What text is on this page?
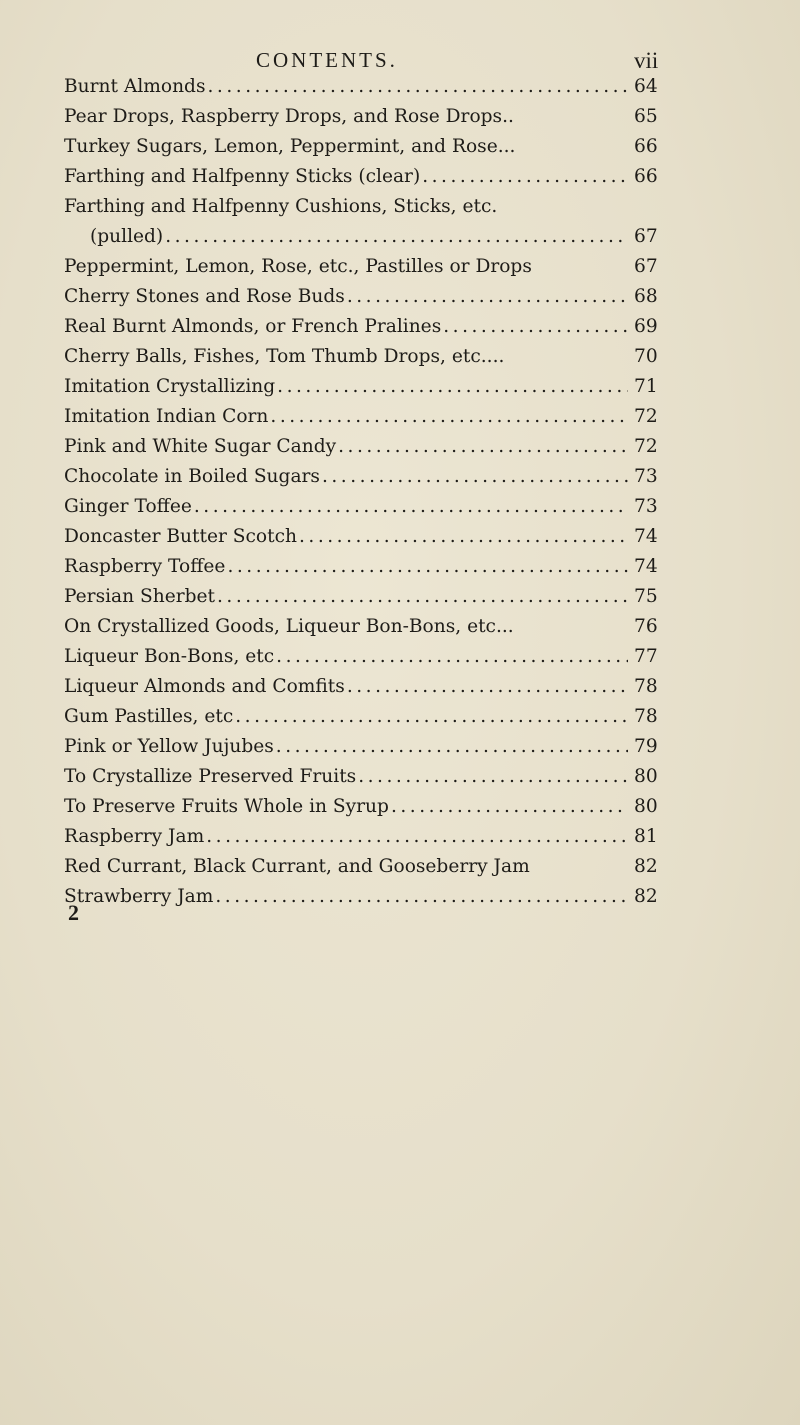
CONTENTS.	vii
Burnt Almonds . . .	64
Pear Drops, Raspberry Drops, and Rose Drops..	65
Turkey Sugars, Lemon, Peppermint, and Rose...	66
Farthing and Halfpenny Sticks (clear) . . .	66
Farthing and Halfpenny Cushions, Sticks, etc.
(pulled) . . .	67
Peppermint, Lemon, Rose, etc., Pastilles or Drops	67
Cherry Stones and Rose Buds . . .	68
Real Burnt Almonds, or French Pralines . . .	69
Cherry Balls, Fishes, Tom Thumb Drops, etc....	70
Imitation Crystallizing . . .	71
Imitation Indian Corn . . .	72
Pink and White Sugar Candy . . .	72
Chocolate in Boiled Sugars . . .	73
Ginger Toffee . . .	73
Doncaster Butter Scotch . . .	74
Raspberry Toffee . . .	74
Persian Sherbet . . .	75
On Crystallized Goods, Liqueur Bon-Bons, etc...	76
Liqueur Bon-Bons, etc . . .	77
Liqueur Almonds and Comfits . . .	78
Gum Pastilles, etc . . .	78
Pink or Yellow Jujubes . . .	79
To Crystallize Preserved Fruits . . .	80
To Preserve Fruits Whole in Syrup . . .	80
Raspberry Jam . . .	81
Red Currant, Black Currant, and Gooseberry Jam	82
Strawberry Jam . . .	82
2
